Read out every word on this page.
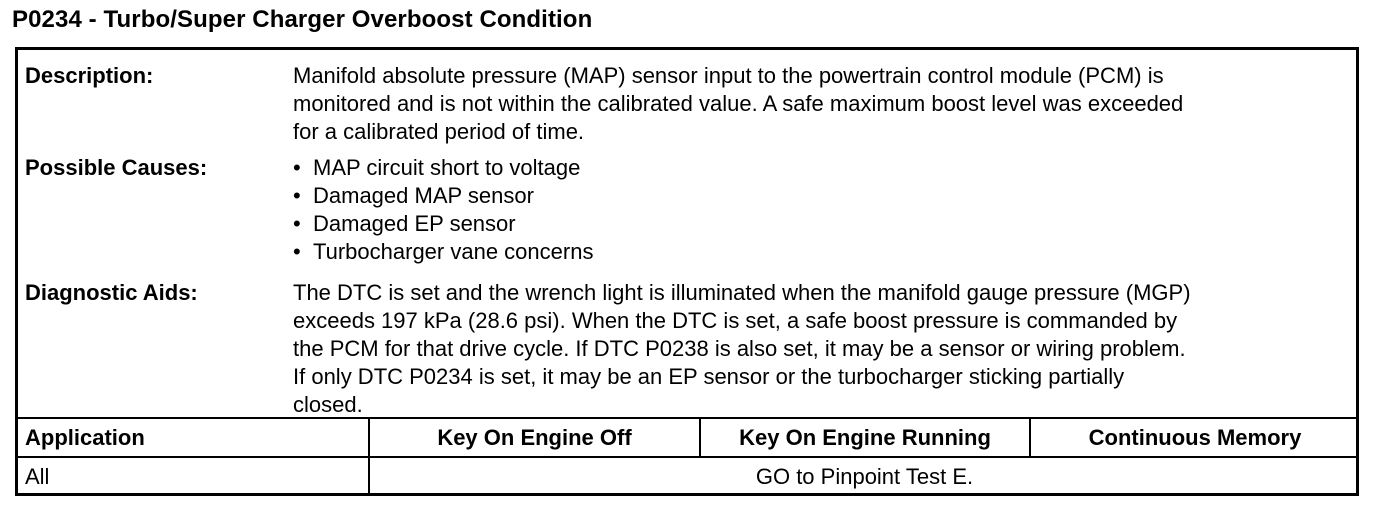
P0234 - Turbo/Super Charger Overboost Condition
Description:	Manifold absolute pressure (MAP) sensor input to the powertrain control module (PCM) is
monitored and is not within the calibrated value. A safe maximum boost level was exceeded
for a calibrated period of time.
Possible Causes:	• MAP circuit short to voltage
• Damaged MAP sensor
• Damaged EP sensor
• Turbocharger vane concerns
Diagnostic Aids:	The DTC is set and the wrench light is illuminated when the manifold gauge pressure (MGP)
exceeds 197 kPa (28.6 psi). When the DTC is set, a safe boost pressure is commanded by
the PCM for that drive cycle. If DTC P0238 is also set, it may be a sensor or wiring problem.
If only DTC P0234 is set, it may be an EP sensor or the turbocharger sticking partially
closed.
Application	Key On Engine Off	Key On Engine Running	Continuous Memory
All	GO to Pinpoint Test E.
